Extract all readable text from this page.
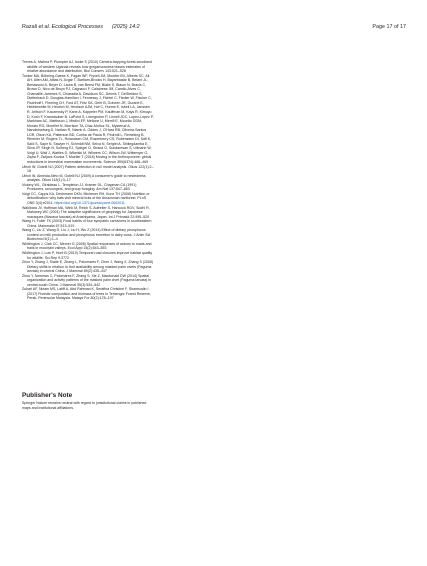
Razali et al. Ecological Processes (2025) 14:2	Page 17 of 17

Treves A, Mwima P, Plumptre AJ, Isoke S (2010) Camera-trapping forest-woodland wildlife of western Uganda reveals how gregariousness biases estimates of relative abundance and distribution. Biol Conserv 143:521–528

Tucker MA, Böhning-Gaese K, Fagan WF, Fryxell JM, Moorter BV, Alberts SC, Ali AH, Allen AM, Attias N, Avgar T, Bartlam-Brooks H, Bayarbaatar B, Belant JL, Bertassoni A, Beyer D, Laura B, van Beest FM, Blake S, Blaum N, Bracis C, Brown D, Nico de Bruyn PJ, Cagnacci F, Calabrese JM, Camilo-Alves C, Chamaillé-Jammes S, Chiaradia A, Davidson SC, Dennis T, DeStefano S, Diefenbach D, Douglas-Hamilton I, Fennessy J, Fichtel C, Fiedler W, Fischer C, Fischhoff I, Fleming CH, Ford AT, Fritz SA, Gehr B, Goheen JR, Gurarie E, Hebblewhite M, Heurich M, Hewison AJM, Hof C, Hurme E, Isbell LA, Janssen R, Jeltsch F, Kaczensky P, Kane A, Kappeler PM, Kauffman M, Kays R, Kimuyu D, Koch F, Kranstauber B, LaPoint S, Leimgruber P, Linnell JDC, López-López P, Markham AC, Mattisson J, Medici EP, Mellone U, Merrill E, Mourão GDM, Morato RG, Morellet N, Morrison TA, Díaz-Muñoz SL, Mysterud A, Nandintsetseg D, Nathan R, Niamir A, Odden J, O'Hara RB, Oliveira-Santos LGR, Olson KA, Patterson BD, Cunha de Paula R, Pedrotti L, Reineking B, Rimmler M, Rogers TL, Rolandsen CM, Rosenberry CS, Rubenstein DI, Safi K, Saïd S, Sapir N, Sawyer H, Schmidt NM, Selva N, Sergiel A, Shiilegdamba E, Silva JP, Singh N, Solberg EJ, Spiegel O, Strand O, Sundaresan S, Ullmann W, Voigt U, Wall J, Wattles D, Wikelski M, Wilmers CC, Wilson JW, Wittemyer G, Zięba F, Zwijacz-Kozica T, Mueller T (2018) Moving in the Anthropocene: global reductions in terrestrial mammalian movements. Science 359(6374):466–469

Ulrich W, Gotelli NJ (2007) Pattern detection in null model analysis. Oikos 122(1):2–18

Ulrich W, Almeida-Neto M, Gotelli NJ (2009) A consumer's guide to nestedness analysis. Oikos 118(1):3–17

Vickery WL, Giraldeau L, Templeton JJ, Kramer DL, Chapman CA (1991) Producers, scroungers, and group foraging. Am Nat 137:847–863

Voigt CC, Capps KA, Dechmann DKN, Michener RH, Kunz TH (2008) Nutrition or detoxification: why bats visit mineral licks of the Amazonian rainforest. PLoS ONE 3(4):e2011. https://doi.org/10.1371/journal.pone.0002011

Wakibara JV, Huffman MA, Wink M, Reich S, Aufreiter S, Hancock RGV, Sodhi R, Mahaney WC (2001) The adaptive significance of geophagy for Japanese macaques (Macaca fuscata) at Arashiyama, Japan. Int J Primatol 22:495–520

Wang H, Fuller TK (2003) Food habits of four sympatric carnivores in southeastern China. Mammalia 67:513–519

Wang C, Liu Z, Wang D, Liu J, Liu H, Wu Z (2014) Effect of dietary phosphorus content on milk production and phosphorus excretion in dairy cows. J Anim Sci Biotechnol 5(1):1–4

Whittington J, Clair CC, Mercer G (2005) Spatial responses of wolves to roads and trails in mountain valleys. Ecol Appl 15(2):543–553

Whittington J, Low P, Hunt B (2019) Temporal road closures improve habitat quality for wildlife. Sci Rep 9:3772

Zhou Y, Zhang J, Slade E, Zhang L, Palomares F, Chen J, Wang X, Zhang S (2008) Dietary shifts in relation to fruit availability among masked palm civets (Paguma larvata) in central China. J Mammal 89(2):435–447

Zhou Y, Newman C, Palomares F, Zhang S, Xie Z, Macdonald DW (2014) Spatial organization and activity patterns of the masked palm civet (Paguma larvata) in central-south China. J Mammal 95(3):534–542

Zuhari AF, Nizam MS, Latiff A, Abd Rahman K, Serafina Christine F, Shamsudin I (2017) Floristic composition and biomass of trees in Temengor Forest Reserve, Perak, Peninsular Malaysia. Malays For 80(2):178–197

Publisher's Note
Springer Nature remains neutral with regard to jurisdictional claims in published maps and institutional affiliations.
